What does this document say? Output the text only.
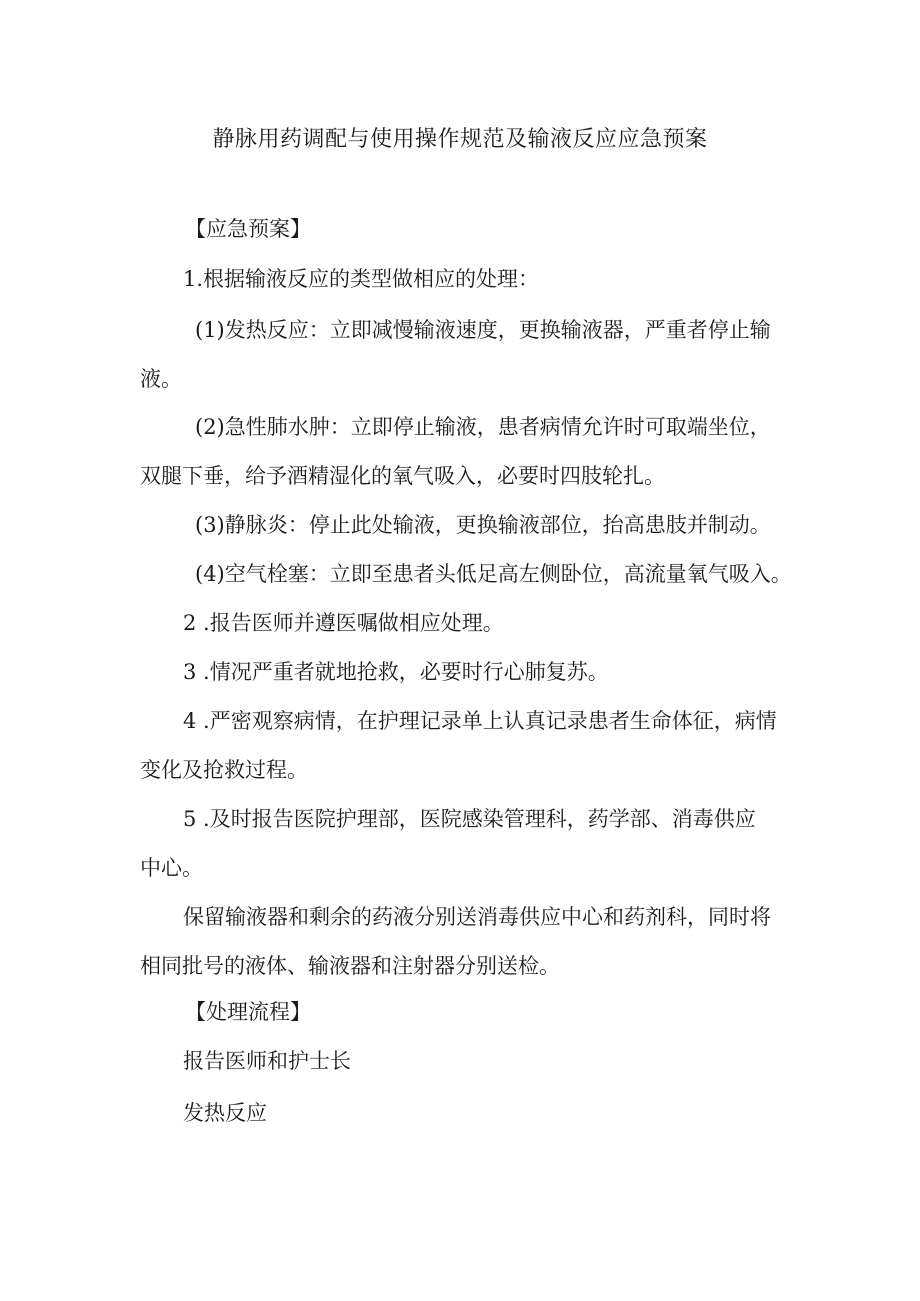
静脉用药调配与使用操作规范及输液反应应急预案
【应急预案】
1.根据输液反应的类型做相应的处理：
(1)发热反应：立即减慢输液速度，更换输液器，严重者停止输
液。
(2)急性肺水肿：立即停止输液，患者病情允许时可取端坐位，
双腿下垂，给予酒精湿化的氧气吸入，必要时四肢轮扎。
(3)静脉炎：停止此处输液，更换输液部位，抬高患肢并制动。
(4)空气栓塞：立即至患者头低足高左侧卧位，高流量氧气吸入。
2 .报告医师并遵医嘱做相应处理。
3 .情况严重者就地抢救，必要时行心肺复苏。
4 .严密观察病情，在护理记录单上认真记录患者生命体征，病情
变化及抢救过程。
5 .及时报告医院护理部，医院感染管理科，药学部、消毒供应
中心。
保留输液器和剩余的药液分别送消毒供应中心和药剂科，同时将
相同批号的液体、输液器和注射器分别送检。
【处理流程】
报告医师和护士长
发热反应
